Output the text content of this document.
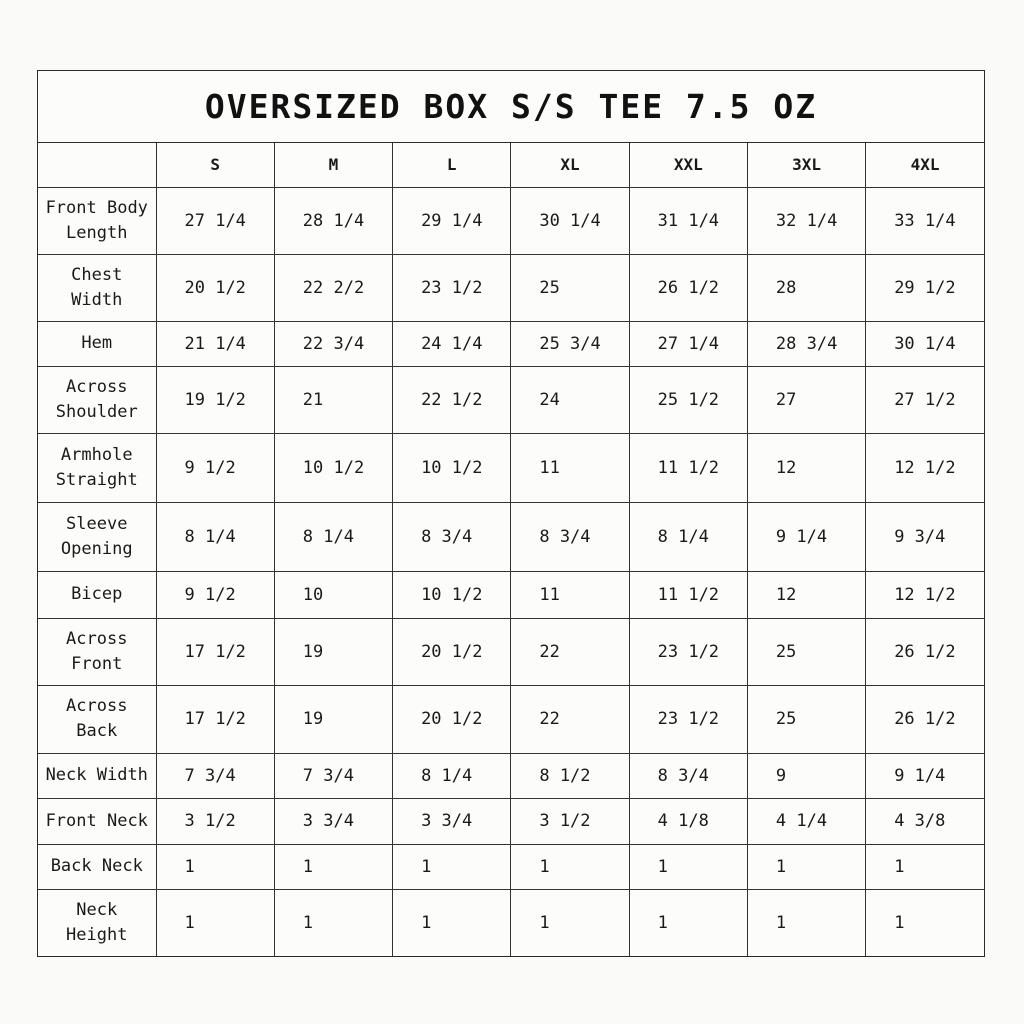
OVERSIZED BOX S/S TEE 7.5 OZ
	S	M	L	XL	XXL	3XL	4XL
Front Body
Length	27 1/4	28 1/4	29 1/4	30 1/4	31 1/4	32 1/4	33 1/4
Chest
Width	20 1/2	22 2/2	23 1/2	25	26 1/2	28	29 1/2
Hem	21 1/4	22 3/4	24 1/4	25 3/4	27 1/4	28 3/4	30 1/4
Across
Shoulder	19 1/2	21	22 1/2	24	25 1/2	27	27 1/2
Armhole
Straight	9 1/2	10 1/2	10 1/2	11	11 1/2	12	12 1/2
Sleeve
Opening	8 1/4	8 1/4	8 3/4	8 3/4	8 1/4	9 1/4	9 3/4
Bicep	9 1/2	10	10 1/2	11	11 1/2	12	12 1/2
Across
Front	17 1/2	19	20 1/2	22	23 1/2	25	26 1/2
Across
Back	17 1/2	19	20 1/2	22	23 1/2	25	26 1/2
Neck Width	7 3/4	7 3/4	8 1/4	8 1/2	8 3/4	9	9 1/4
Front Neck	3 1/2	3 3/4	3 3/4	3 1/2	4 1/8	4 1/4	4 3/8
Back Neck	1	1	1	1	1	1	1
Neck
Height	1	1	1	1	1	1	1
